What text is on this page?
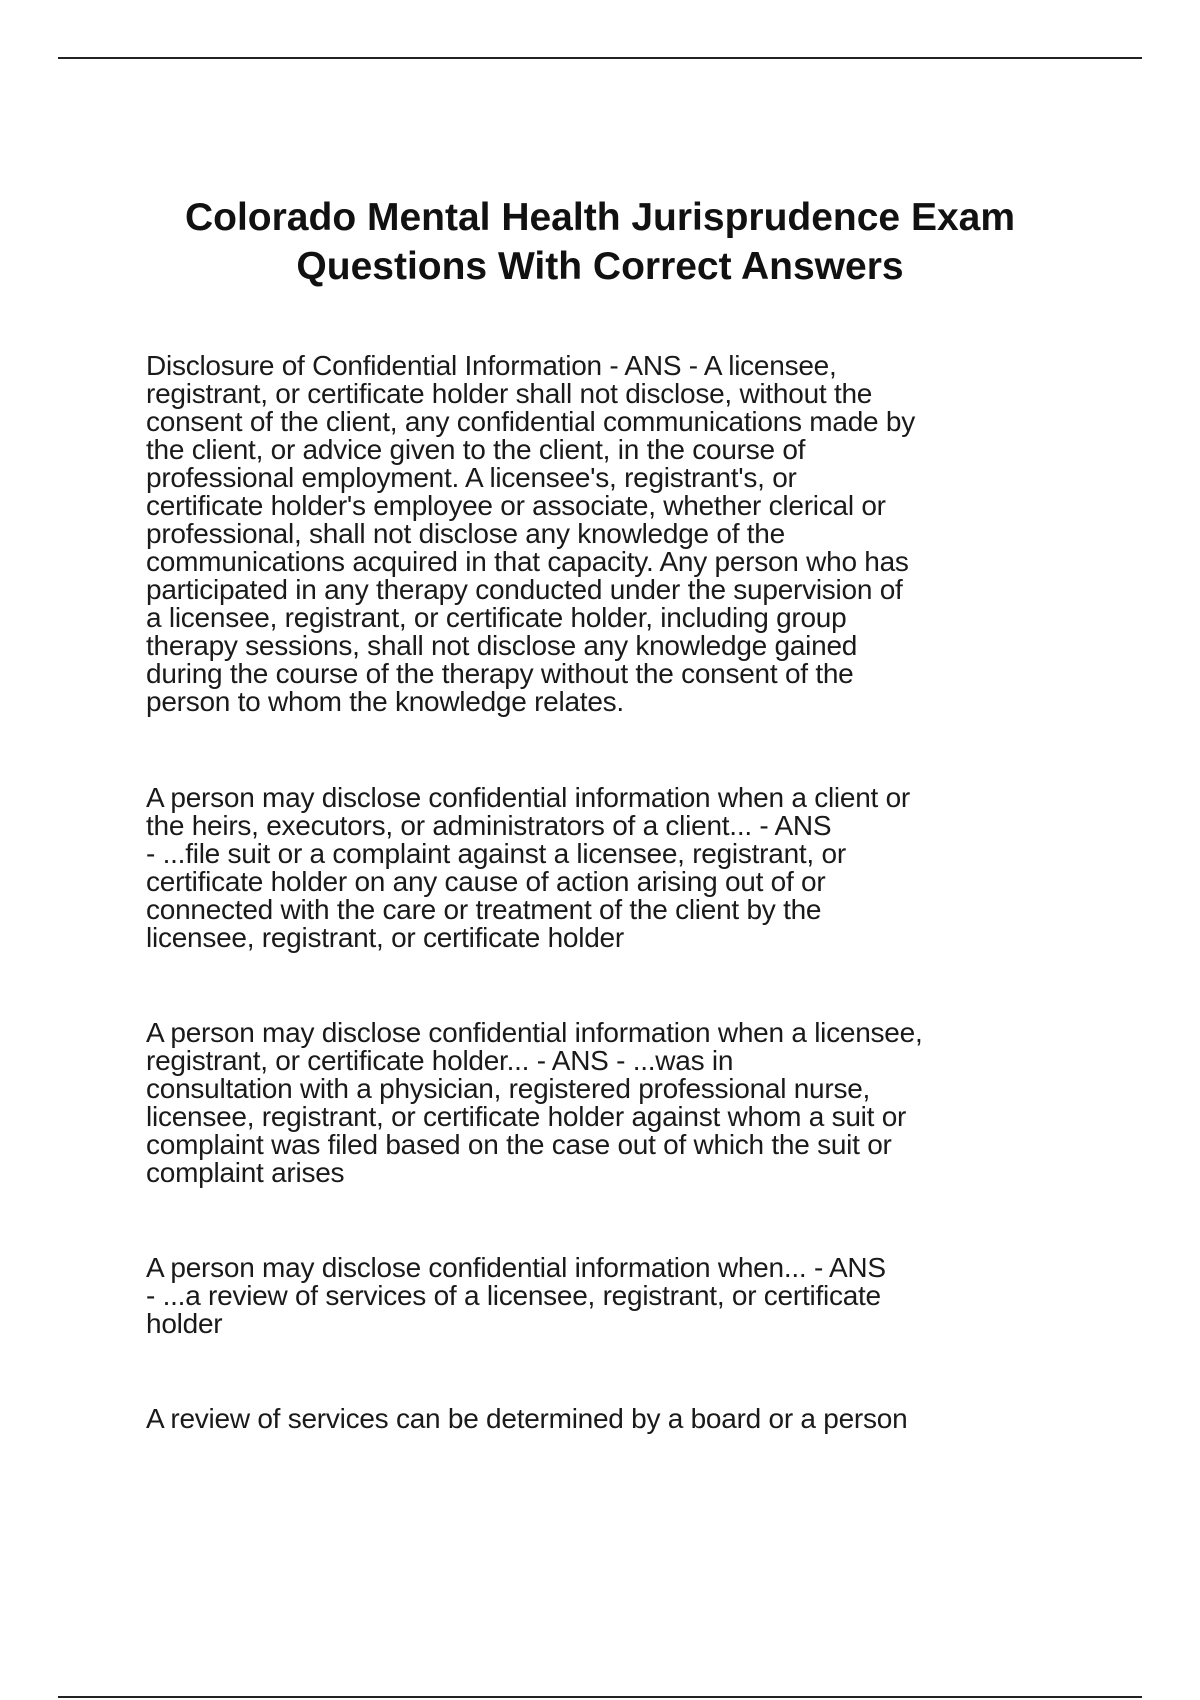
Colorado Mental Health Jurisprudence Exam
Questions With Correct Answers

Disclosure of Confidential Information - ANS - A licensee,
registrant, or certificate holder shall not disclose, without the
consent of the client, any confidential communications made by
the client, or advice given to the client, in the course of
professional employment. A licensee's, registrant's, or
certificate holder's employee or associate, whether clerical or
professional, shall not disclose any knowledge of the
communications acquired in that capacity. Any person who has
participated in any therapy conducted under the supervision of
a licensee, registrant, or certificate holder, including group
therapy sessions, shall not disclose any knowledge gained
during the course of the therapy without the consent of the
person to whom the knowledge relates.

A person may disclose confidential information when a client or
the heirs, executors, or administrators of a client... - ANS
- ...file suit or a complaint against a licensee, registrant, or
certificate holder on any cause of action arising out of or
connected with the care or treatment of the client by the
licensee, registrant, or certificate holder

A person may disclose confidential information when a licensee,
registrant, or certificate holder... - ANS - ...was in
consultation with a physician, registered professional nurse,
licensee, registrant, or certificate holder against whom a suit or
complaint was filed based on the case out of which the suit or
complaint arises

A person may disclose confidential information when... - ANS
- ...a review of services of a licensee, registrant, or certificate
holder

A review of services can be determined by a board or a person
